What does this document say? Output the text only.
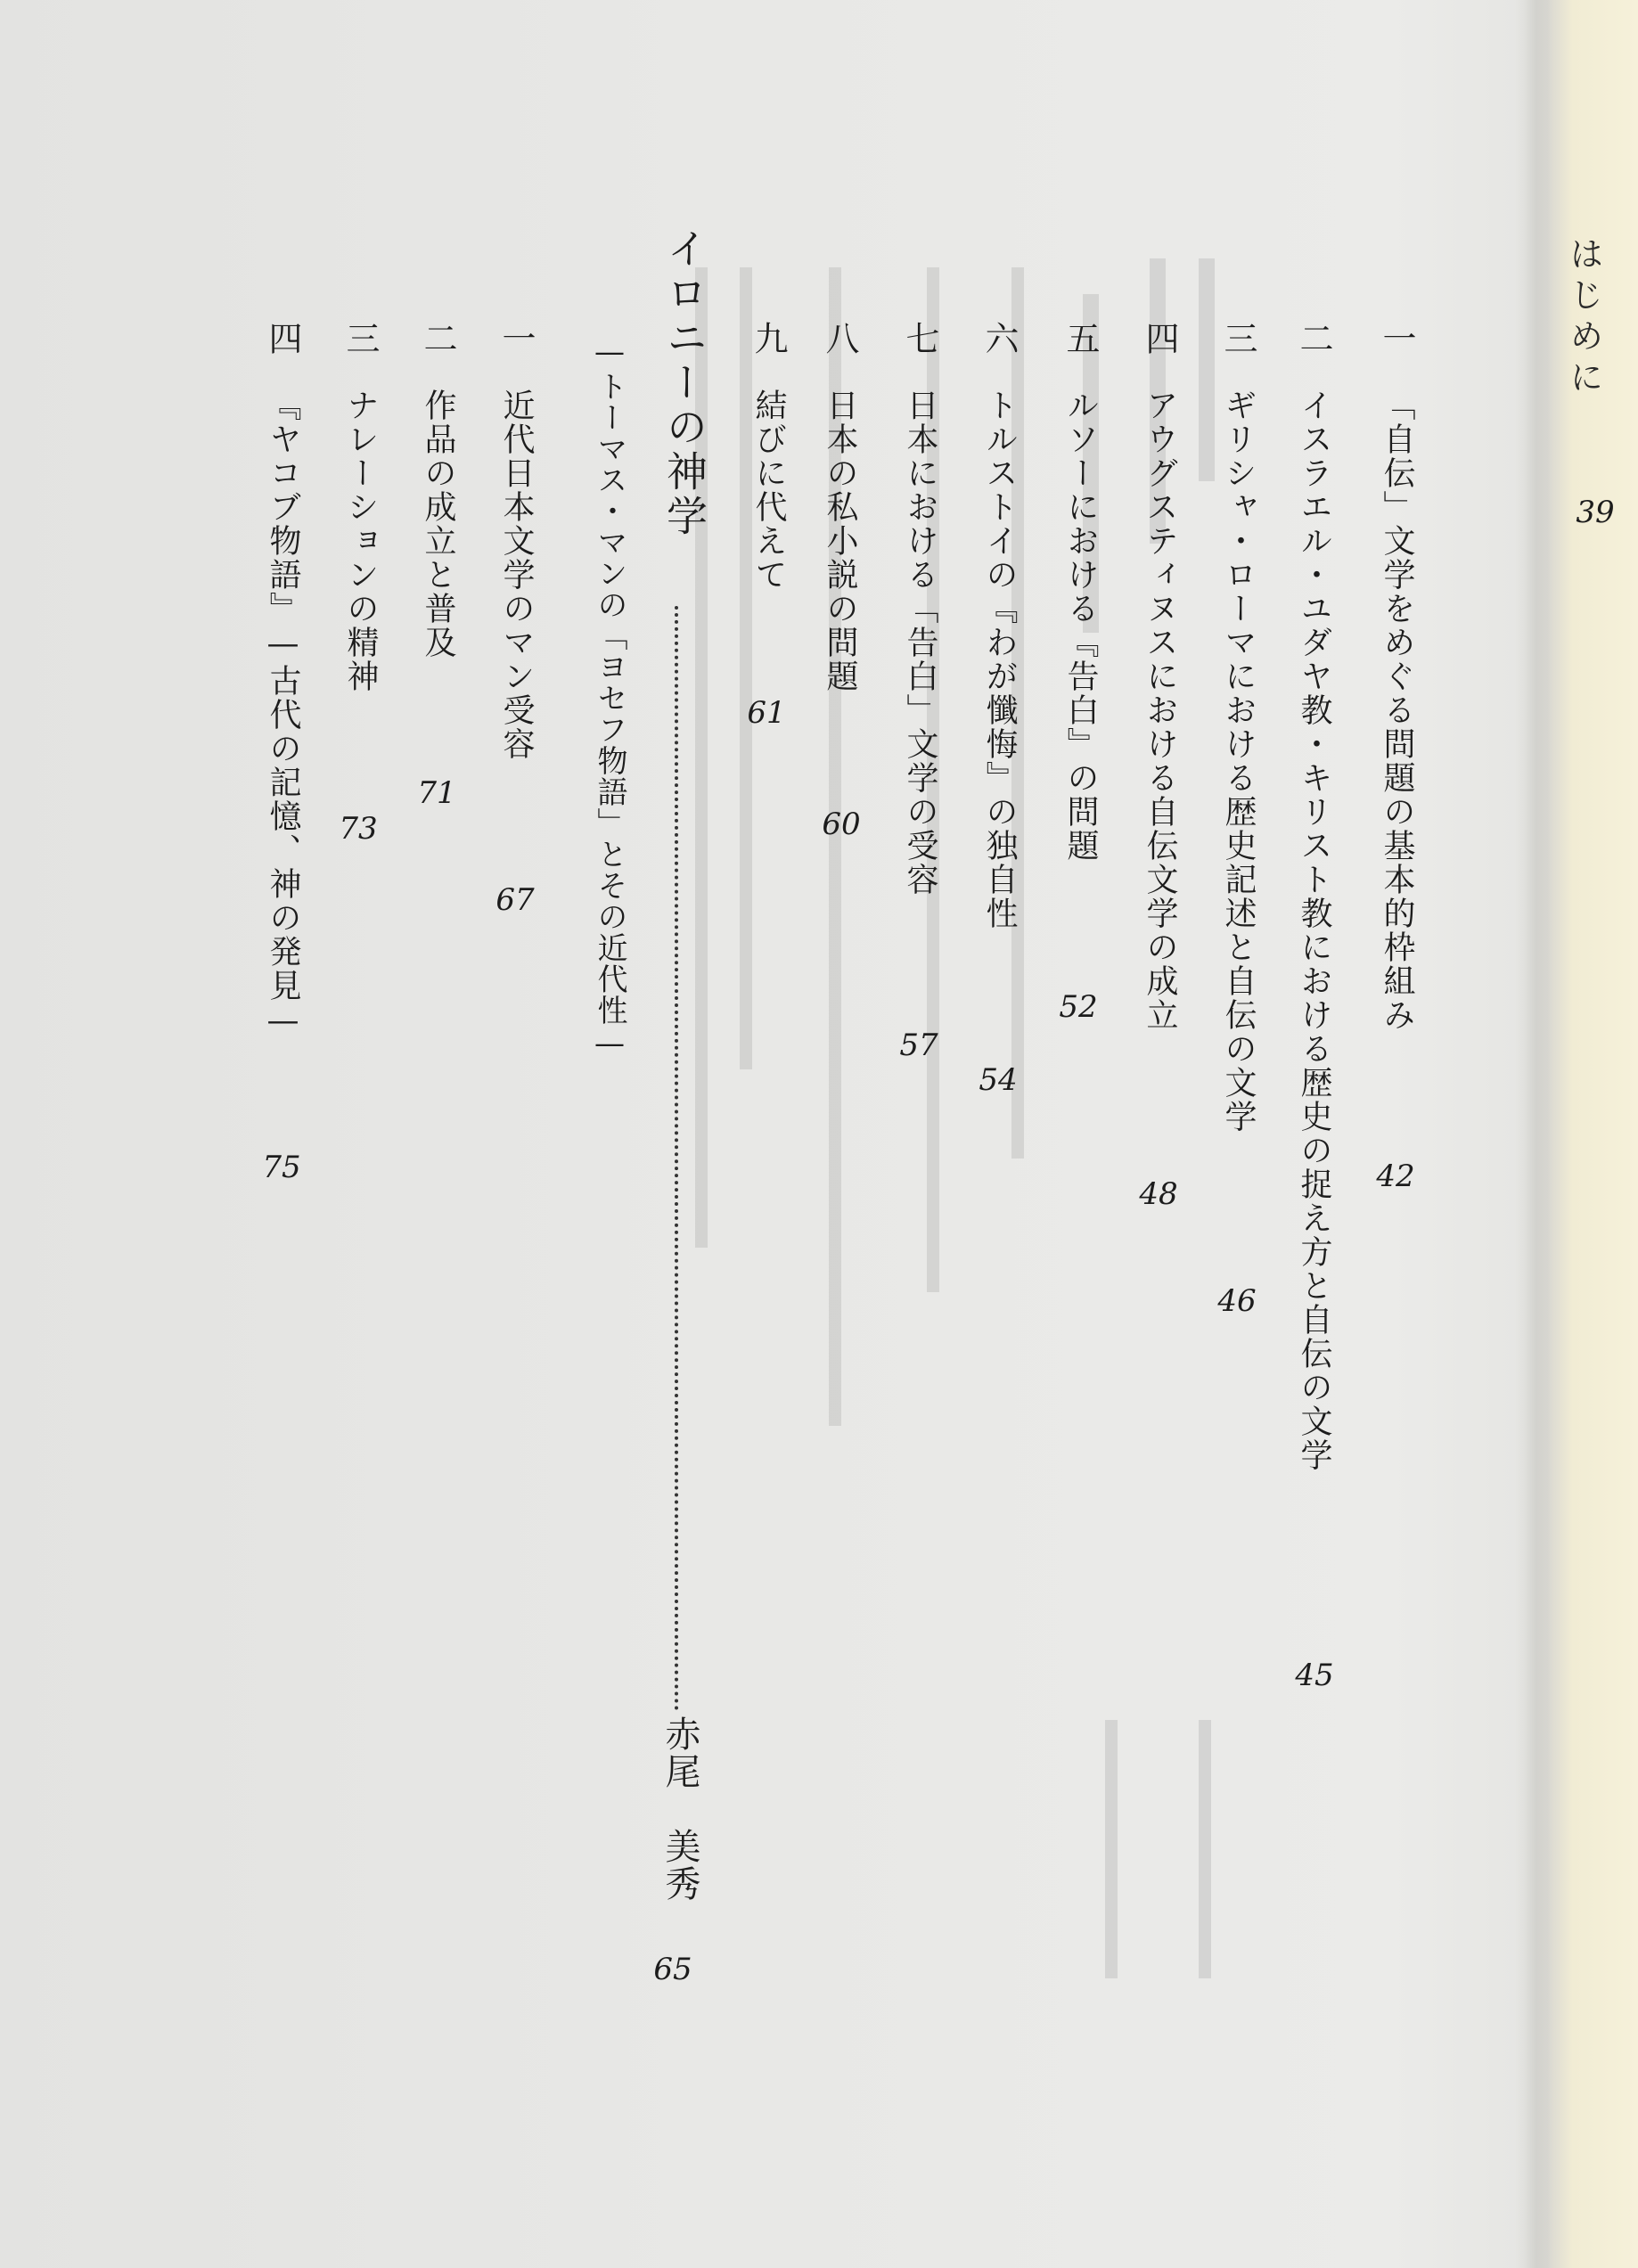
はじめに
39
一「自伝」文学をめぐる問題の基本的枠組み
42
二イスラエル・ユダヤ教・キリスト教における歴史の捉え方と自伝の文学
45
三ギリシャ・ローマにおける歴史記述と自伝の文学
46
四アウグスティヌスにおける自伝文学の成立
48
五ルソーにおける『告白』の問題
52
六トルストイの『わが懺悔』の独自性
54
七日本における「告白」文学の受容
57
八日本の私小説の問題
60
九結びに代えて
61
イロニーの神学
赤尾　美秀
65
—トーマス・マンの「ヨセフ物語」とその近代性—
一近代日本文学のマン受容
67
二作品の成立と普及
71
三ナレーションの精神
73
四『ヤコブ物語』—古代の記憶、神の発見—
75
